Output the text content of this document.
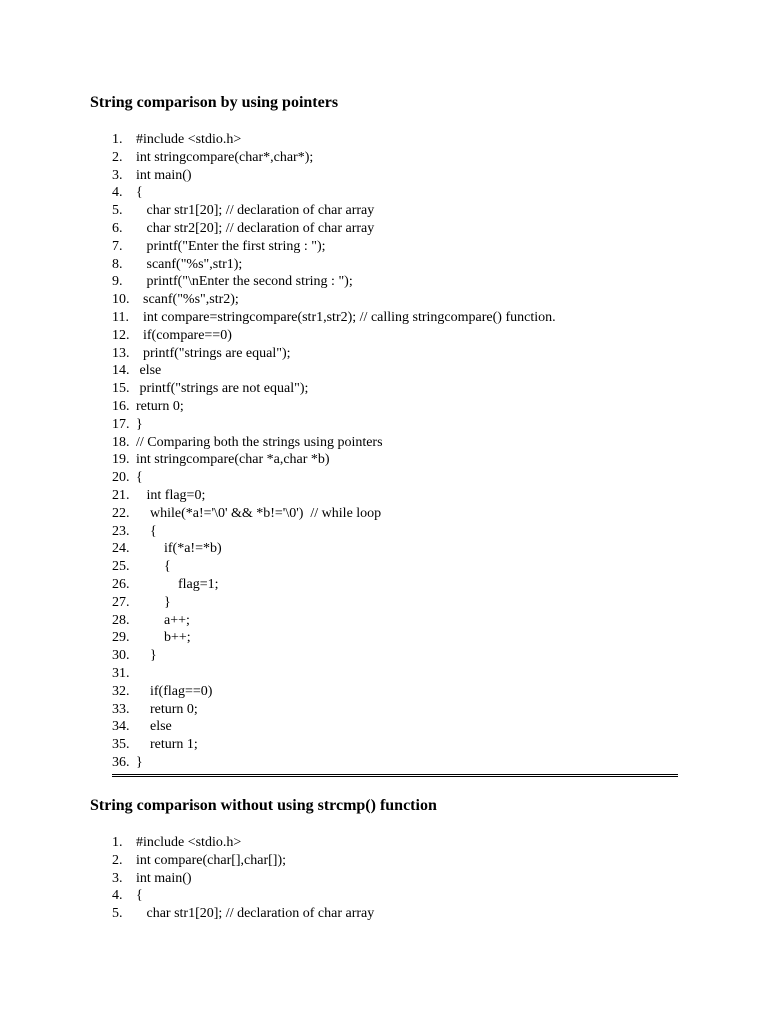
String comparison by using pointers
1. #include <stdio.h>
2. int stringcompare(char*,char*);
3. int main()
4. {
5.   char str1[20]; // declaration of char array
6.   char str2[20]; // declaration of char array
7.   printf("Enter the first string : ");
8.   scanf("%s",str1);
9.   printf("\nEnter the second string : ");
10.  scanf("%s",str2);
11.  int compare=stringcompare(str1,str2); // calling stringcompare() function.
12.  if(compare==0)
13.  printf("strings are equal");
14. else
15. printf("strings are not equal");
16. return 0;
17. }
18. // Comparing both the strings using pointers
19. int stringcompare(char *a,char *b)
20. {
21.   int flag=0;
22.    while(*a!='\0' && *b!='\0')  // while loop
23.    {
24.        if(*a!=*b)
25.        {
26.            flag=1;
27.        }
28.        a++;
29.        b++;
30.    }
31.
32.    if(flag==0)
33.    return 0;
34.    else
35.    return 1;
36. }
String comparison without using strcmp() function
1. #include <stdio.h>
2. int compare(char[],char[]);
3. int main()
4. {
5.   char str1[20]; // declaration of char array
